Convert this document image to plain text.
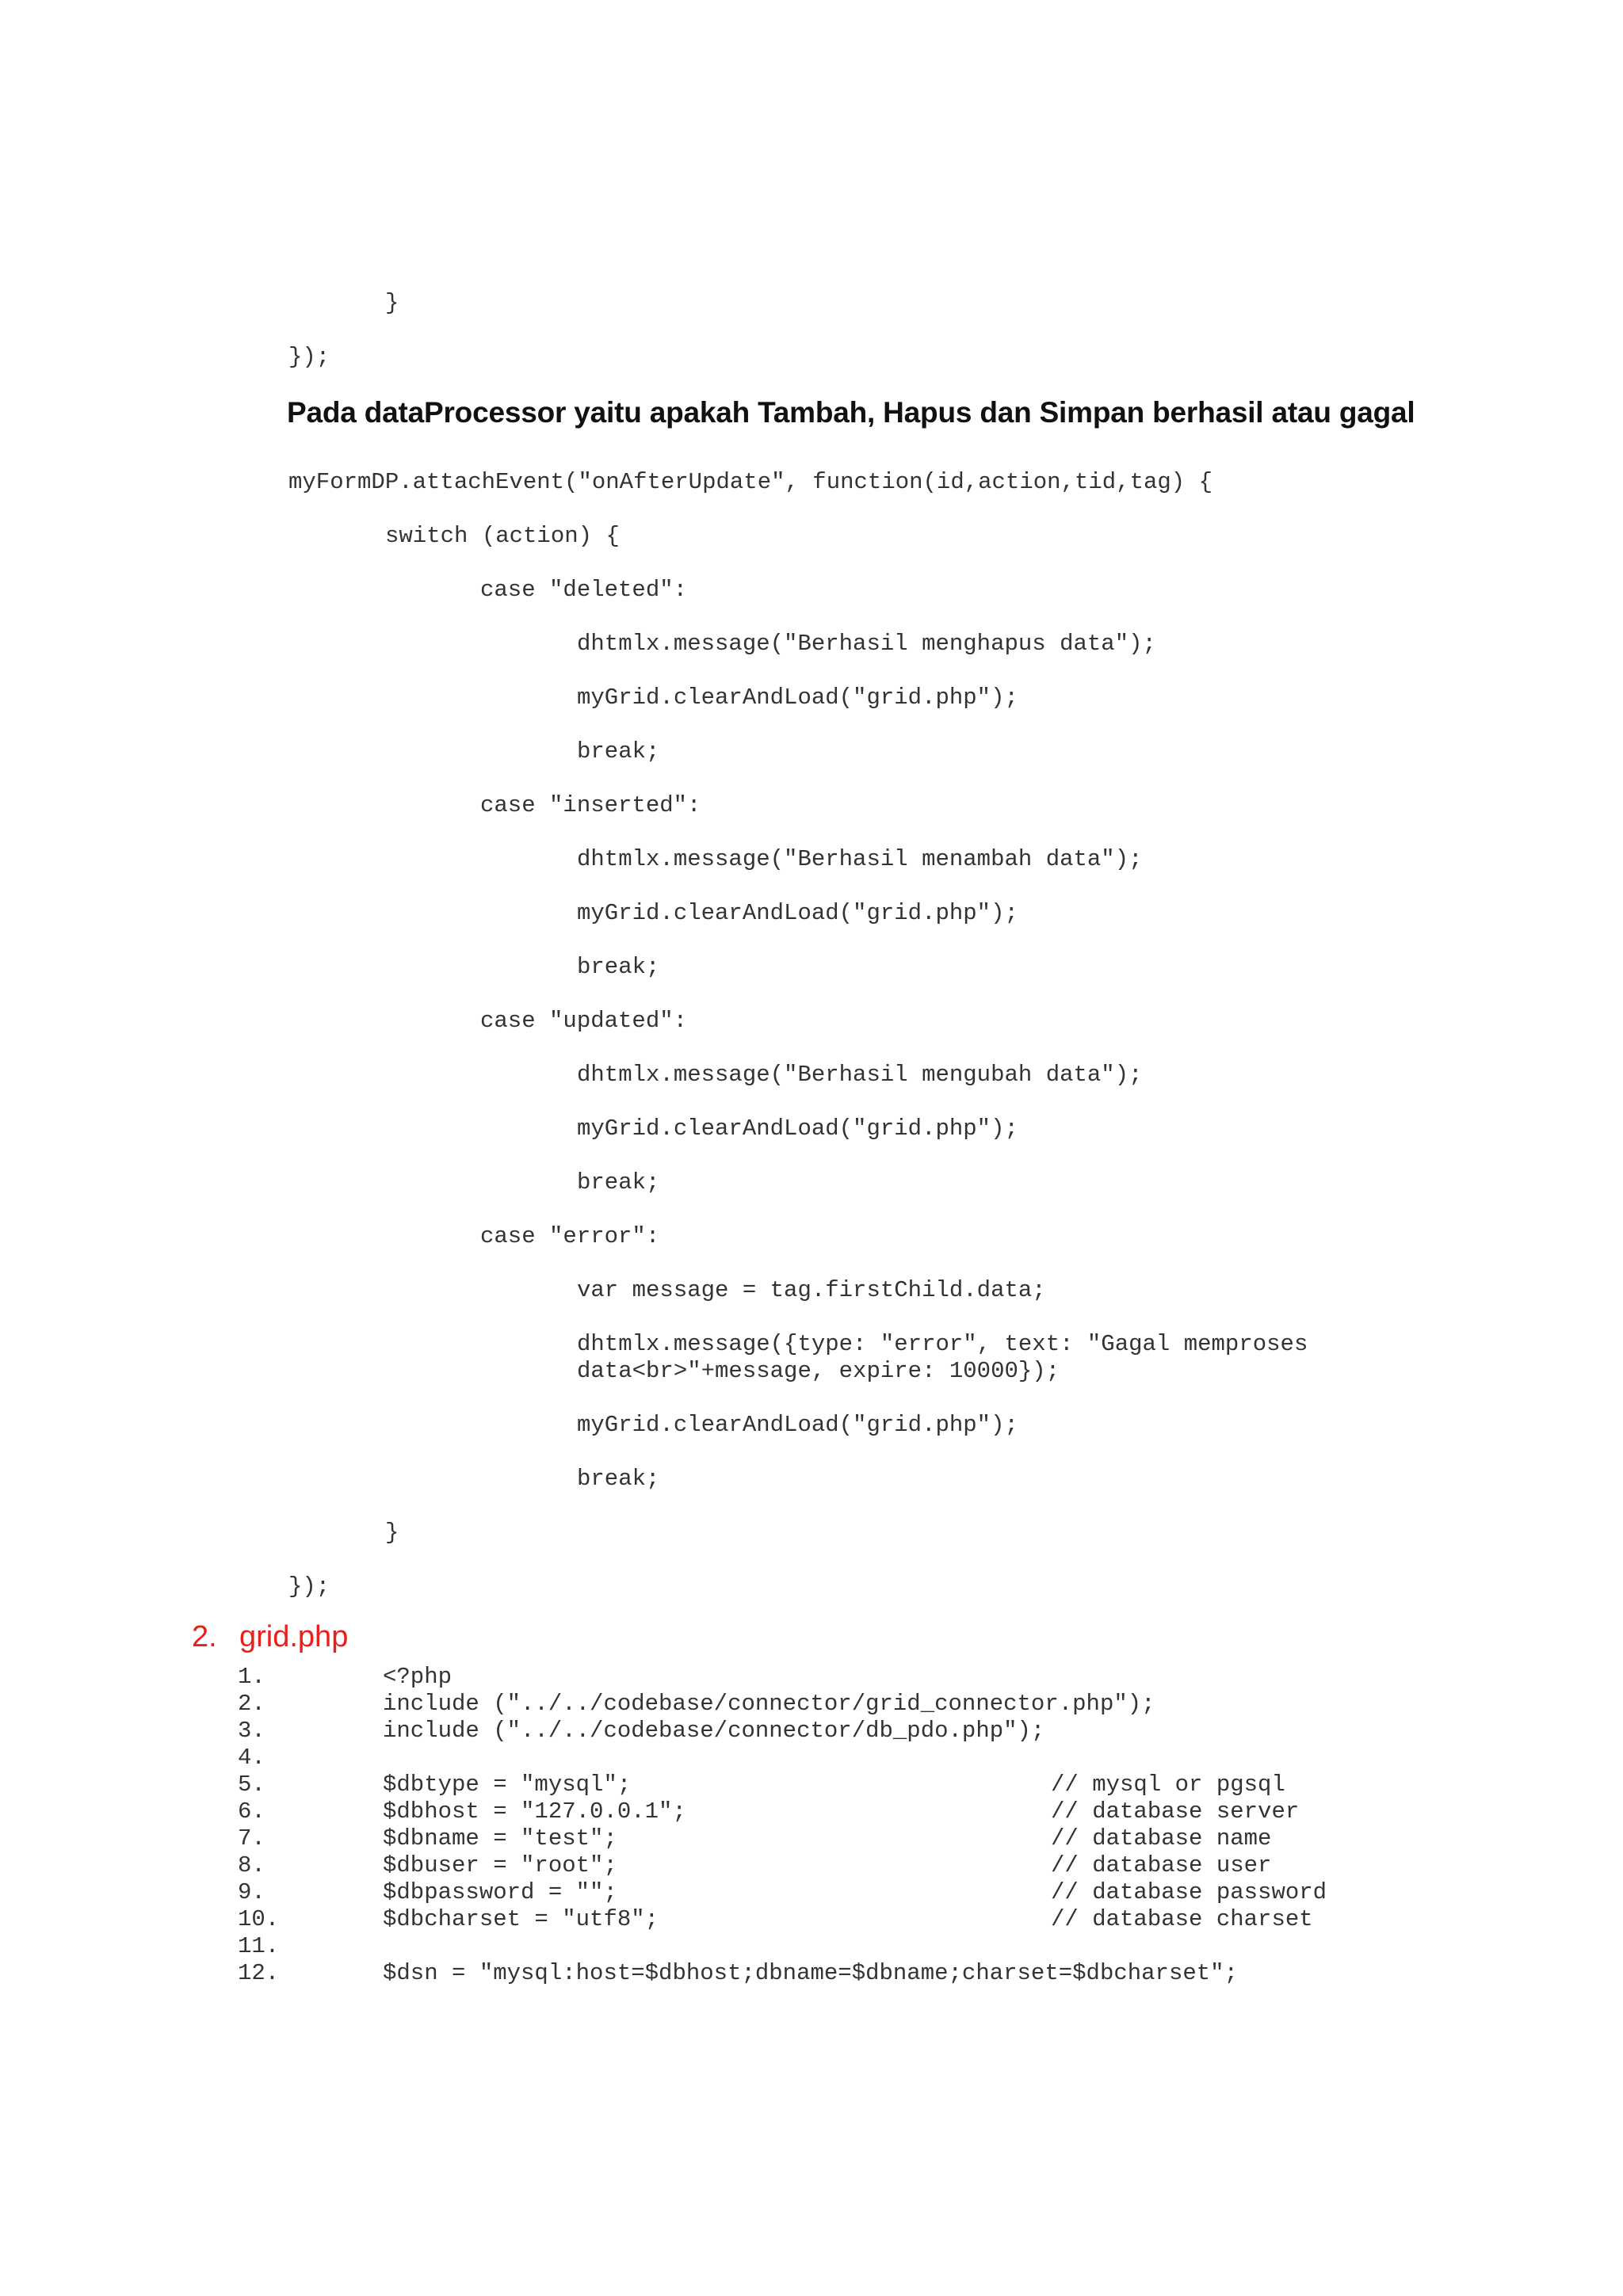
}
});
Pada dataProcessor yaitu apakah Tambah, Hapus dan Simpan berhasil atau gagal
myFormDP.attachEvent("onAfterUpdate", function(id,action,tid,tag) {
switch (action) {
case "deleted":
dhtmlx.message("Berhasil menghapus data");
myGrid.clearAndLoad("grid.php");
break;
case "inserted":
dhtmlx.message("Berhasil menambah data");
myGrid.clearAndLoad("grid.php");
break;
case "updated":
dhtmlx.message("Berhasil mengubah data");
myGrid.clearAndLoad("grid.php");
break;
case "error":
var message = tag.firstChild.data;
dhtmlx.message({type: "error", text: "Gagal memproses
data<br>"+message, expire: 10000});
myGrid.clearAndLoad("grid.php");
break;
}
});
2. grid.php
1.	<?php
2.	include ("../../codebase/connector/grid_connector.php");
3.	include ("../../codebase/connector/db_pdo.php");
4.
5.	$dbtype = "mysql";	// mysql or pgsql
6.	$dbhost = "127.0.0.1";	// database server
7.	$dbname = "test";	// database name
8.	$dbuser = "root";	// database user
9.	$dbpassword = "";	// database password
10.	$dbcharset = "utf8";	// database charset
11.
12.	$dsn = "mysql:host=$dbhost;dbname=$dbname;charset=$dbcharset";
